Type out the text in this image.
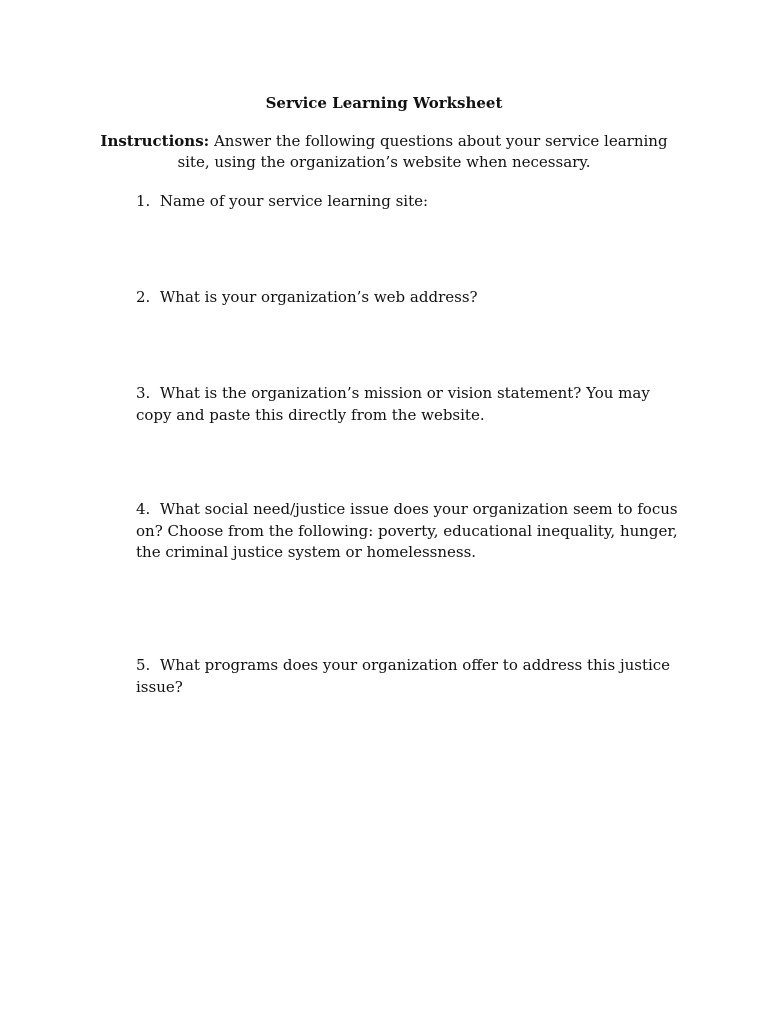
Service Learning Worksheet
Instructions: Answer the following questions about your service learning site, using the organization’s website when necessary.
1. Name of your service learning site:
2. What is your organization’s web address?
3. What is the organization’s mission or vision statement? You may copy and paste this directly from the website.
4. What social need/justice issue does your organization seem to focus on? Choose from the following: poverty, educational inequality, hunger, the criminal justice system or homelessness.
5. What programs does your organization offer to address this justice issue?
